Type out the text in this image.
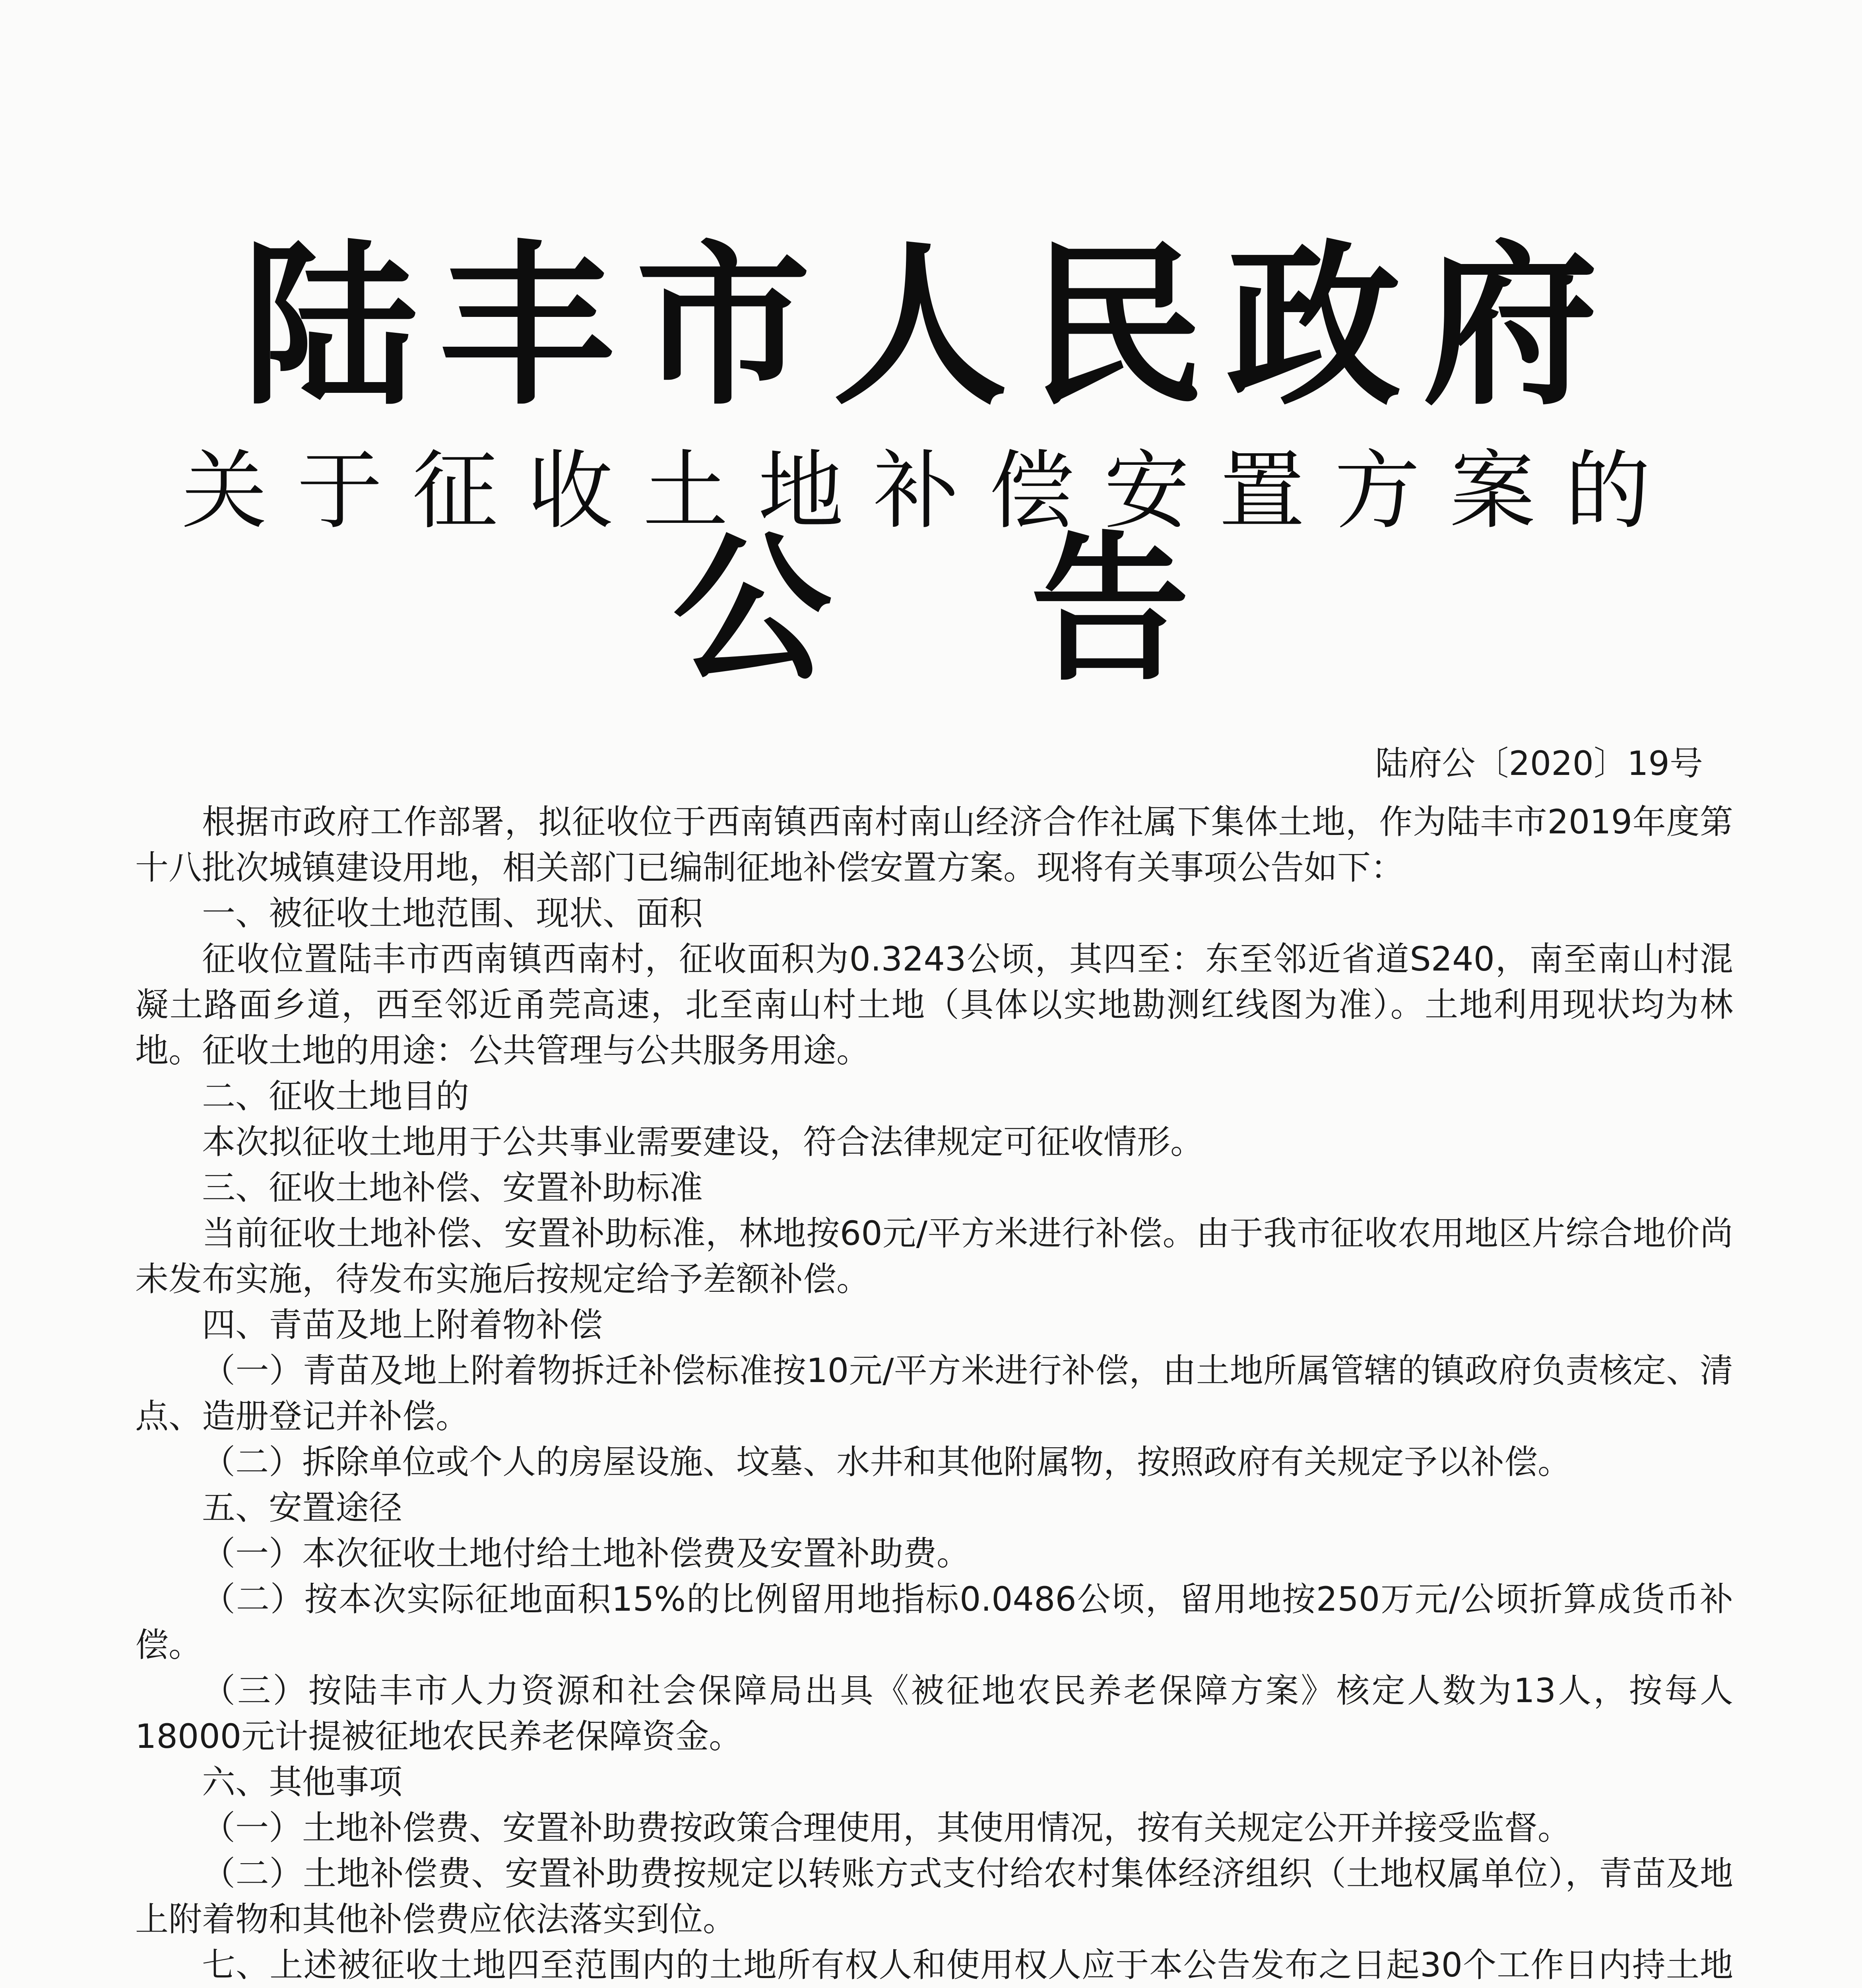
陆丰市人民政府
关于征收土地补偿安置方案的
公告
陆府公〔2020〕19号

根据市政府工作部署，拟征收位于西南镇西南村南山经济合作社属下集体土地，作为陆丰市2019年度第十八批次城镇建设用地，相关部门已编制征地补偿安置方案。现将有关事项公告如下：

一、被征收土地范围、现状、面积

征收位置陆丰市西南镇西南村，征收面积为0.3243公顷，其四至：东至邻近省道S240，南至南山村混凝土路面乡道，西至邻近甬莞高速，北至南山村土地（具体以实地勘测红线图为准）。土地利用现状均为林地。征收土地的用途：公共管理与公共服务用途。

二、征收土地目的

本次拟征收土地用于公共事业需要建设，符合法律规定可征收情形。

三、征收土地补偿、安置补助标准

当前征收土地补偿、安置补助标准，林地按60元/平方米进行补偿。由于我市征收农用地区片综合地价尚未发布实施，待发布实施后按规定给予差额补偿。

四、青苗及地上附着物补偿

（一）青苗及地上附着物拆迁补偿标准按10元/平方米进行补偿，由土地所属管辖的镇政府负责核定、清点、造册登记并补偿。

（二）拆除单位或个人的房屋设施、坟墓、水井和其他附属物，按照政府有关规定予以补偿。

五、安置途径

（一）本次征收土地付给土地补偿费及安置补助费。

（二）按本次实际征地面积15%的比例留用地指标0.0486公顷，留用地按250万元/公顷折算成货币补偿。

（三）按陆丰市人力资源和社会保障局出具《被征地农民养老保障方案》核定人数为13人，按每人18000元计提被征地农民养老保障资金。

六、其他事项

（一）土地补偿费、安置补助费按政策合理使用，其使用情况，按有关规定公开并接受监督。

（二）土地补偿费、安置补助费按规定以转账方式支付给农村集体经济组织（土地权属单位），青苗及地上附着物和其他补偿费应依法落实到位。

七、上述被征收土地四至范围内的土地所有权人和使用权人应于本公告发布之日起30个工作日内持土地
